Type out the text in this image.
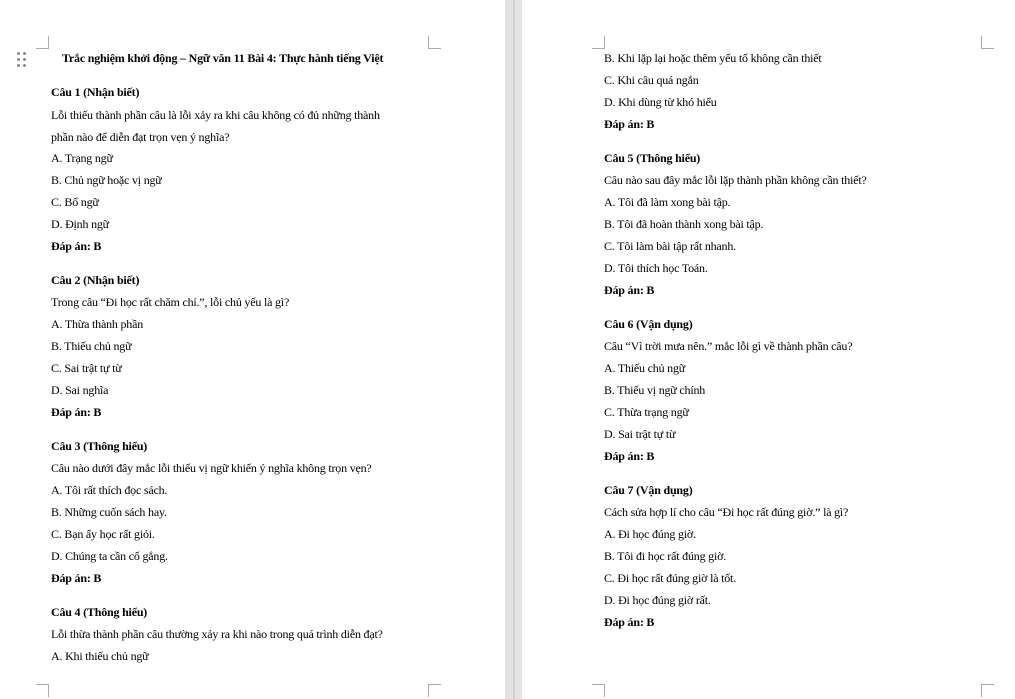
Trắc nghiệm khởi động – Ngữ văn 11 Bài 4: Thực hành tiếng Việt
Câu 1 (Nhận biết)
Lỗi thiếu thành phần câu là lỗi xảy ra khi câu không có đủ những thành
phần nào để diễn đạt trọn vẹn ý nghĩa?
A. Trạng ngữ
B. Chủ ngữ hoặc vị ngữ
C. Bổ ngữ
D. Định ngữ
Đáp án: B
Câu 2 (Nhận biết)
Trong câu “Đi học rất chăm chỉ.”, lỗi chủ yếu là gì?
A. Thừa thành phần
B. Thiếu chủ ngữ
C. Sai trật tự từ
D. Sai nghĩa
Đáp án: B
Câu 3 (Thông hiểu)
Câu nào dưới đây mắc lỗi thiếu vị ngữ khiến ý nghĩa không trọn vẹn?
A. Tôi rất thích đọc sách.
B. Những cuốn sách hay.
C. Bạn ấy học rất giỏi.
D. Chúng ta cần cố gắng.
Đáp án: B
Câu 4 (Thông hiểu)
Lỗi thừa thành phần câu thường xảy ra khi nào trong quá trình diễn đạt?
A. Khi thiếu chủ ngữ
B. Khi lặp lại hoặc thêm yếu tố không cần thiết
C. Khi câu quá ngắn
D. Khi dùng từ khó hiểu
Đáp án: B
Câu 5 (Thông hiểu)
Câu nào sau đây mắc lỗi lặp thành phần không cần thiết?
A. Tôi đã làm xong bài tập.
B. Tôi đã hoàn thành xong bài tập.
C. Tôi làm bài tập rất nhanh.
D. Tôi thích học Toán.
Đáp án: B
Câu 6 (Vận dụng)
Câu “Vì trời mưa nên.” mắc lỗi gì về thành phần câu?
A. Thiếu chủ ngữ
B. Thiếu vị ngữ chính
C. Thừa trạng ngữ
D. Sai trật tự từ
Đáp án: B
Câu 7 (Vận dụng)
Cách sửa hợp lí cho câu “Đi học rất đúng giờ.” là gì?
A. Đi học đúng giờ.
B. Tôi đi học rất đúng giờ.
C. Đi học rất đúng giờ là tốt.
D. Đi học đúng giờ rất.
Đáp án: B
